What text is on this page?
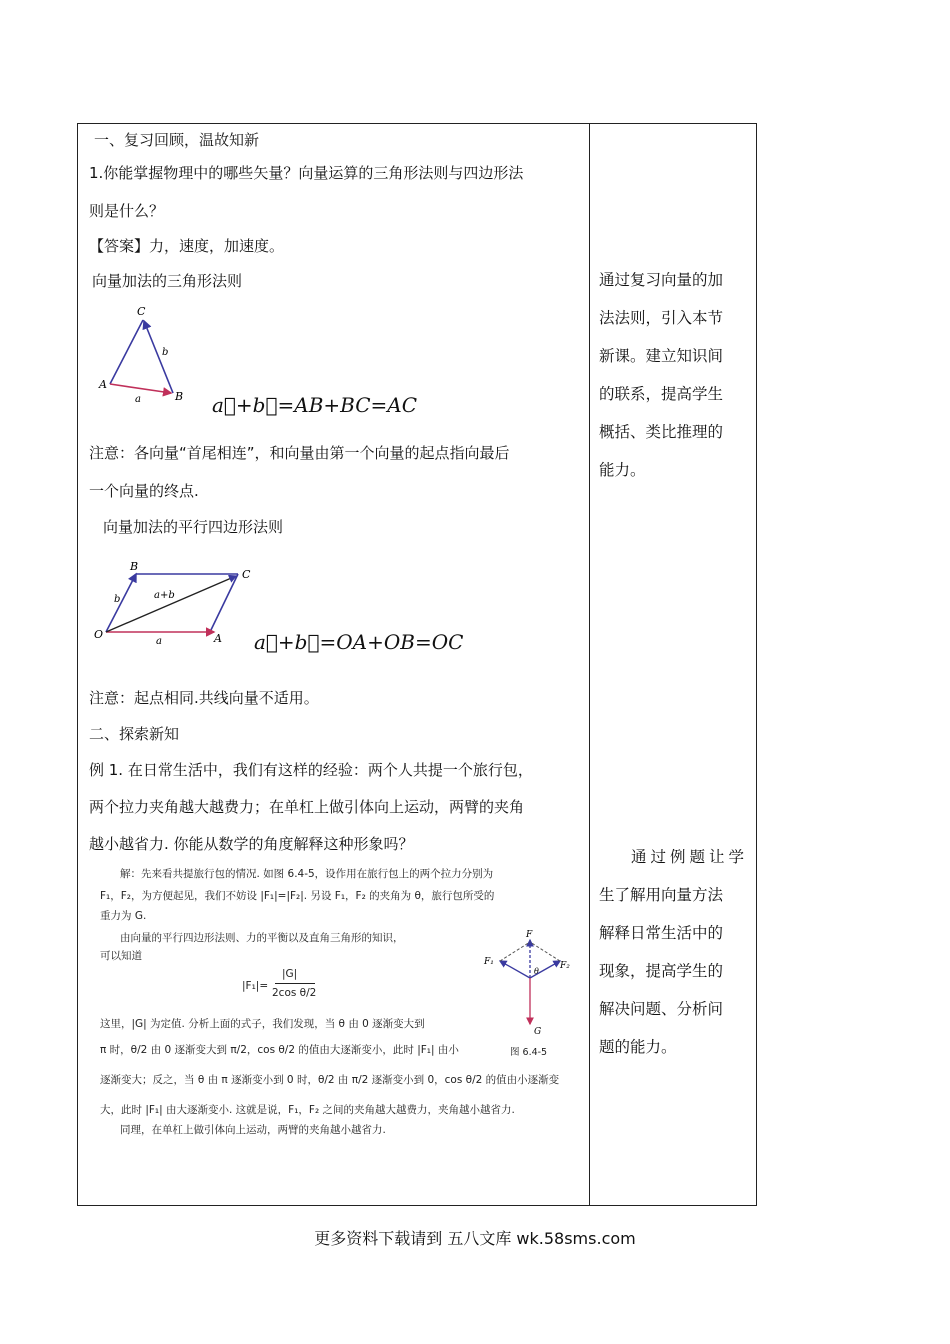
一、复习回顾，温故知新
1.你能掌握物理中的哪些矢量？向量运算的三角形法则与四边形法
则是什么？
【答案】力，速度，加速度。
向量加法的三角形法则
A
B
C
a
b
a⃗+b⃗=AB+BC=AC
注意：各向量“首尾相连”，和向量由第一个向量的起点指向最后
一个向量的终点.
向量加法的平行四边形法则
O	A
B
C
a
b	a+b
a⃗+b⃗=OA+OB=OC
注意：起点相同.共线向量不适用。
二、探索新知
例 1. 在日常生活中，我们有这样的经验：两个人共提一个旅行包，
两个拉力夹角越大越费力；在单杠上做引体向上运动，两臂的夹角
越小越省力. 你能从数学的角度解释这种形象吗？
解：先来看共提旅行包的情况. 如图 6.4-5，设作用在旅行包上的两个拉力分别为
F₁，F₂，为方便起见，我们不妨设 |F₁|=|F₂|. 另设 F₁，F₂ 的夹角为 θ，旅行包所受的
重力为 G.
由向量的平行四边形法则、力的平衡以及直角三角形的知识，
可以知道
|F₁|=
|G|
2cos θ/2
这里，|G| 为定值. 分析上面的式子，我们发现，当 θ 由 0 逐渐变大到
π 时，θ/2 由 0 逐渐变大到 π/2，cos θ/2 的值由大逐渐变小，此时 |F₁| 由小
逐渐变大；反之，当 θ 由 π 逐渐变小到 0 时，θ/2 由 π/2 逐渐变小到 0，cos θ/2 的值由小逐渐变
大，此时 |F₁| 由大逐渐变小. 这就是说，F₁，F₂ 之间的夹角越大越费力，夹角越小越省力.
同理，在单杠上做引体向上运动，两臂的夹角越小越省力.
F
F₁	F₂
θ
G
图 6.4-5
通过复习向量的加
法法则，引入本节
新课。建立知识间
的联系，提高学生
概括、类比推理的
能力。
通过例题让学
生了解用向量方法
解释日常生活中的
现象，提高学生的
解决问题、分析问
题的能力。
更多资料下载请到 五八文库 wk.58sms.com
